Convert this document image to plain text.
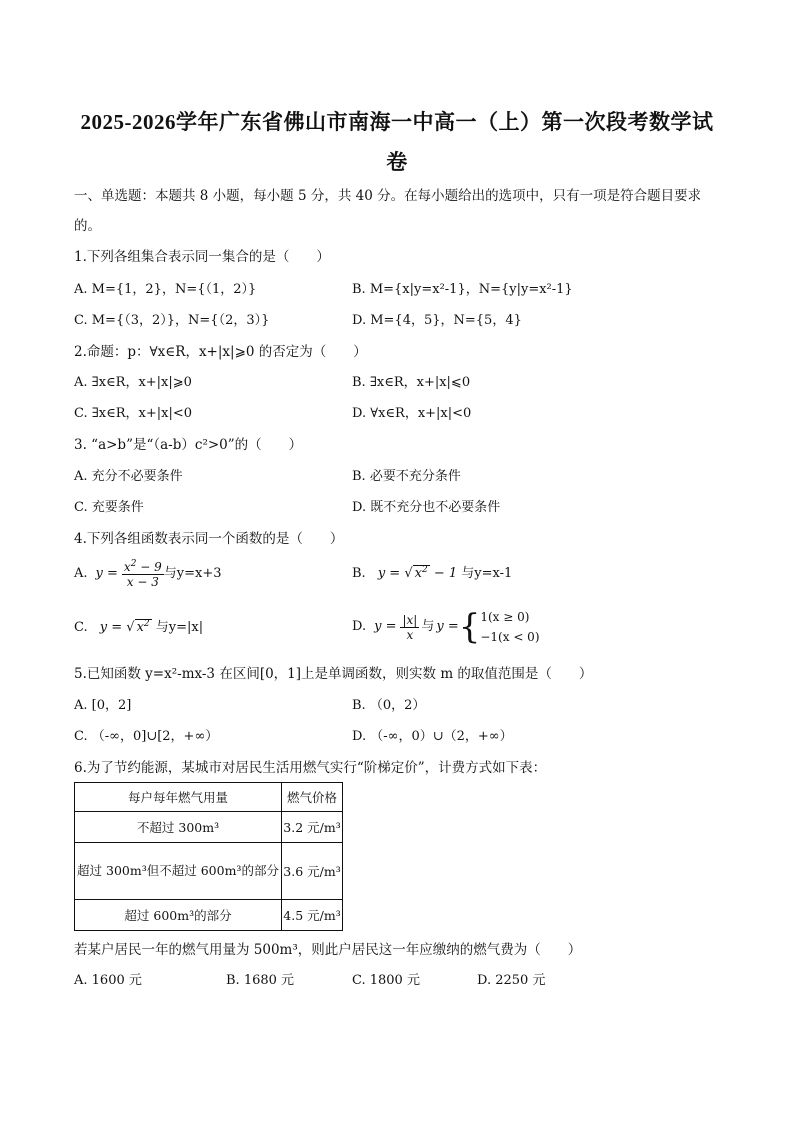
2025-2026学年广东省佛山市南海一中高一（上）第一次段考数学试
卷
一、单选题：本题共 8 小题，每小题 5 分，共 40 分。在每小题给出的选项中，只有一项是符合题目要求
的。
1.下列各组集合表示同一集合的是（　　）
A. M={1，2}，N={（1，2）}	B. M={x|y=x²-1}，N={y|y=x²-1}
C. M={（3，2）}，N={（2，3）}	D. M={4，5}，N={5，4}
2.命题：p：∀x∈R，x+|x|⩾0 的否定为（　　）
A. ∃x∈R，x+|x|⩾0	B. ∃x∈R，x+|x|⩽0
C. ∃x∈R，x+|x|<0	D. ∀x∈R，x+|x|<0
3. “a>b”是“（a-b）c²>0”的（　　）
A. 充分不必要条件	B. 必要不充分条件
C. 充要条件	D. 既不充分也不必要条件
4.下列各组函数表示同一个函数的是（　　）
A. $y = \frac{x^2 - 9}{x - 3}$ 与y=x+3	B. y = √ $x^2 - 1$ 与y=x-1
C. y = √ $x^2$ 与y=|x|	D. $y = \frac{|x|}{x}$ 与 y = { 1(x ≥ 0)
−1(x < 0)
5.已知函数 y=x²-mx-3 在区间[0，1]上是单调函数，则实数 m 的取值范围是（　　）
A. [0，2]	B. （0，2）
C. （-∞，0]∪[2，+∞）	D. （-∞，0）∪（2，+∞）
6.为了节约能源，某城市对居民生活用燃气实行“阶梯定价”，计费方式如下表：
每户每年燃气用量	燃气价格
不超过 300m³	3.2 元/m³
超过 300m³但不超过 600m³的部分	3.6 元/m³
超过 600m³的部分	4.5 元/m³
若某户居民一年的燃气用量为 500m³，则此户居民这一年应缴纳的燃气费为（　　）
A. 1600 元	B. 1680 元	C. 1800 元	D. 2250 元
